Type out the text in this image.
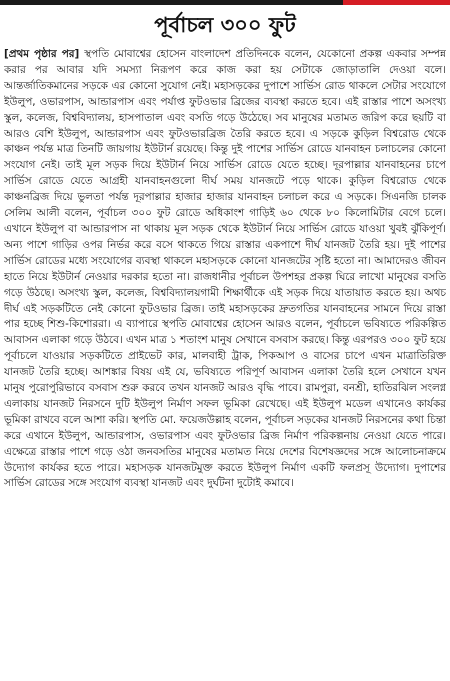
পূর্বাচল ৩০০ ফুট
[প্রথম পৃষ্ঠার পর] স্থপতি মোবাশ্বের হোসেন বাংলাদেশ প্রতিদিনকে বলেন, যেকোনো প্রকল্প একবার সম্পন্ন করার পর আবার যদি সমস্যা নিরূপণ করে কাজ করা হয় সেটাকে জোড়াতালি দেওয়া বলে। আন্তর্জাতিকমানের সড়কে এর কোনো সুযোগ নেই। মহাসড়কের দুপাশে সার্ভিস রোড থাকলে সেটার সংযোগে ইউলুপ, ওভারপাস, আন্ডারপাস এবং পর্যাপ্ত ফুটওভার ব্রিজের ব্যবস্থা করতে হবে। এই রাস্তার পাশে অসংখ্য স্কুল, কলেজ, বিশ্ববিদ্যালয়, হাসপাতাল এবং বসতি গড়ে উঠেছে। সব মানুষের মতামত জরিপ করে ছয়টি বা আরও বেশি ইউলুপ, আন্ডারপাস এবং ফুটওভারব্রিজ তৈরি করতে হবে। এ সড়কে কুড়িল বিশ্বরোড থেকে কাঞ্চন পর্যন্ত মাত্র তিনটি জায়গায় ইউটার্ন রয়েছে। কিন্তু দুই পাশের সার্ভিস রোডে যানবাহন চলাচলের কোনো সংযোগ নেই। তাই মূল সড়ক দিয়ে ইউটার্ন নিয়ে সার্ভিস রোডে যেতে হচ্ছে। দূরপাল্লার যানবাহনের চাপে সার্ভিস রোডে যেতে আগ্রহী যানবাহনগুলো দীর্ঘ সময় যানজটে পড়ে থাকে। কুড়িল বিশ্বরোড থেকে কাঞ্চনব্রিজ দিয়ে ভুলতা পর্যন্ত দূরপাল্লার হাজার হাজার যানবাহন চলাচল করে এ সড়কে। সিএনজি চালক সেলিম আলী বলেন, পূর্বাচল ৩০০ ফুট রোডে অধিকাংশ গাড়িই ৬০ থেকে ৮০ কিলোমিটার বেগে চলে। এখানে ইউলুপ বা আন্ডারপাস না থাকায় মূল সড়ক থেকে ইউটার্ন নিয়ে সার্ভিস রোডে যাওয়া খুবই ঝুঁকিপূর্ণ। অন্য পাশে গাড়ির ওপর নির্ভর করে বসে থাকতে গিয়ে রাস্তার একপাশে দীর্ঘ যানজট তৈরি হয়। দুই পাশের সার্ভিস রোডের মধ্যে সংযোগের ব্যবস্থা থাকলে মহাসড়কে কোনো যানজটের সৃষ্টি হতো না। আমাদেরও জীবন হাতে নিয়ে ইউটার্ন নেওয়ার দরকার হতো না। রাজধানীর পূর্বাচল উপশহর প্রকল্প ঘিরে লাখো মানুষের বসতি গড়ে উঠছে। অসংখ্য স্কুল, কলেজ, বিশ্ববিদ্যালয়গামী শিক্ষার্থীকে এই সড়ক দিয়ে যাতায়াত করতে হয়। অথচ দীর্ঘ এই সড়কটিতে নেই কোনো ফুটওভার ব্রিজ। তাই মহাসড়কের দ্রুতগতির যানবাহনের সামনে দিয়ে রাস্তা পার হচ্ছে শিশু-কিশোররা। এ ব্যাপারে স্থপতি মোবাশ্বের হোসেন আরও বলেন, পূর্বাচলে ভবিষ্যতে পরিকল্পিত আবাসন এলাকা গড়ে উঠবে। এখন মাত্র ১ শতাংশ মানুষ সেখানে বসবাস করছে। কিন্তু এরপরও ৩০০ ফুট হয়ে পূর্বাচলে যাওয়ার সড়কটিতে প্রাইভেট কার, মালবাহী ট্রাক, পিকআপ ও বাসের চাপে এখন মাত্রাতিরিক্ত যানজট তৈরি হচ্ছে। আশঙ্কার বিষয় এই যে, ভবিষ্যতে পরিপূর্ণ আবাসন এলাকা তৈরি হলে সেখানে যখন মানুষ পুরোপুরিভাবে বসবাস শুরু করবে তখন যানজট আরও বৃদ্ধি পাবে। রামপুরা, বনশ্রী, হাতিরঝিল সংলগ্ন এলাকায় যানজট নিরসনে দুটি ইউলুপ নির্মাণ সফল ভূমিকা রেখেছে। এই ইউলুপ মডেল এখানেও কার্যকর ভূমিকা রাখবে বলে আশা করি। স্থপতি মো. ফয়েজউল্লাহ বলেন, পূর্বাচল সড়কের যানজট নিরসনের কথা চিন্তা করে এখানে ইউলুপ, আন্ডারপাস, ওভারপাস এবং ফুটওভার ব্রিজ নির্মাণ পরিকল্পনায় নেওয়া যেতে পারে। এক্ষেত্রে রাস্তার পাশে গড়ে ওঠা জনবসতির মানুষের মতামত নিয়ে দেশের বিশেষজ্ঞদের সঙ্গে আলোচনাক্রমে উদ্যোগ কার্যকর হতে পারে। মহাসড়ক যানজটমুক্ত করতে ইউলুপ নির্মাণ একটি ফলপ্রসূ উদ্যোগ। দুপাশের সার্ভিস রোডের সঙ্গে সংযোগ ব্যবস্থা যানজট এবং দুর্ঘটনা দুটোই কমাবে।
